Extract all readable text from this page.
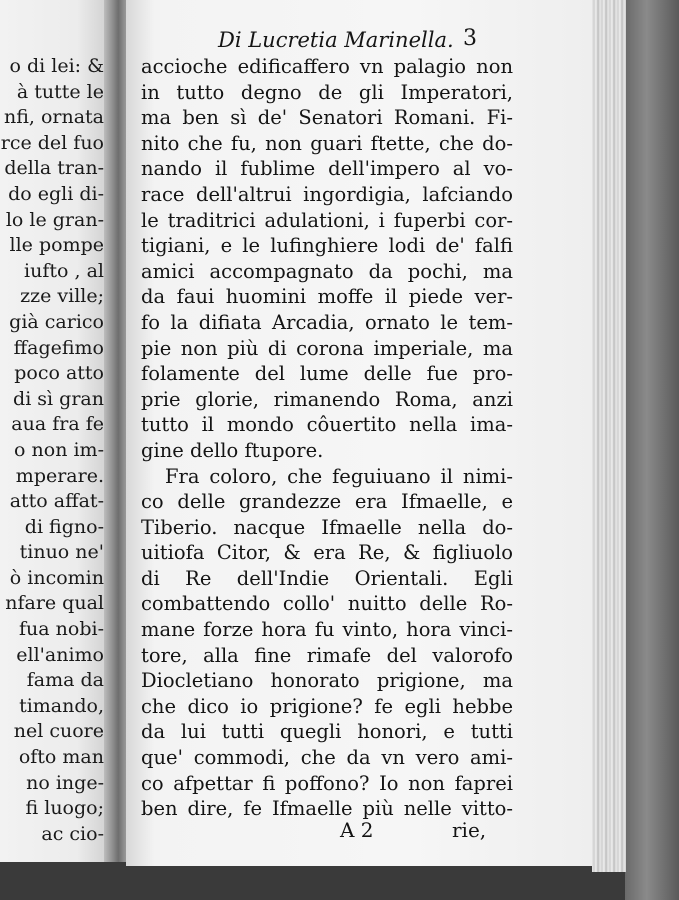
o di lei: &
à tutte le
nfi, ornata
rce del fuo
della tran-
do egli di-
lo le gran-
lle pompe
iufto , al
zze ville;
già carico
ffagefimo
poco atto
di sì gran
aua fra fe
o non im-
mperare.
atto affat-
di figno-
tinuo ne'
ò incomin
nfare qual
fua nobi-
ell'animo
fama da
timando,
nel cuore
ofto man
no inge-
fi luogo;
ac cio-
Di Lucretia Marinella. 3
accioche edificaffero vn palagio non
in tutto degno de gli Imperatori,
ma ben sì de' Senatori Romani. Fi-
nito che fu, non guari ftette, che do-
nando il fublime dell'impero al vo-
race dell'altrui ingordigia, lafciando
le traditrici adulationi, i fuperbi cor-
tigiani, e le lufinghiere lodi de' falfi
amici accompagnato da pochi, ma
da faui huomini moffe il piede ver-
fo la difiata Arcadia, ornato le tem-
pie non più di corona imperiale, ma
folamente del lume delle fue pro-
prie glorie, rimanendo Roma, anzi
tutto il mondo côuertito nella ima-
gine dello ftupore.
Fra coloro, che feguiuano il nimi-
co delle grandezze era Ifmaelle, e
Tiberio. nacque Ifmaelle nella do-
uitiofa Citor, & era Re, & figliuolo
di Re dell'Indie Orientali. Egli
combattendo collo' nuitto delle Ro-
mane forze hora fu vinto, hora vinci-
tore, alla fine rimafe del valorofo
Diocletiano honorato prigione, ma
che dico io prigione? fe egli hebbe
da lui tutti quegli honori, e tutti
que' commodi, che da vn vero ami-
co afpettar fi poffono? Io non faprei
ben dire, fe Ifmaelle più nelle vitto-
A 2	rie,
